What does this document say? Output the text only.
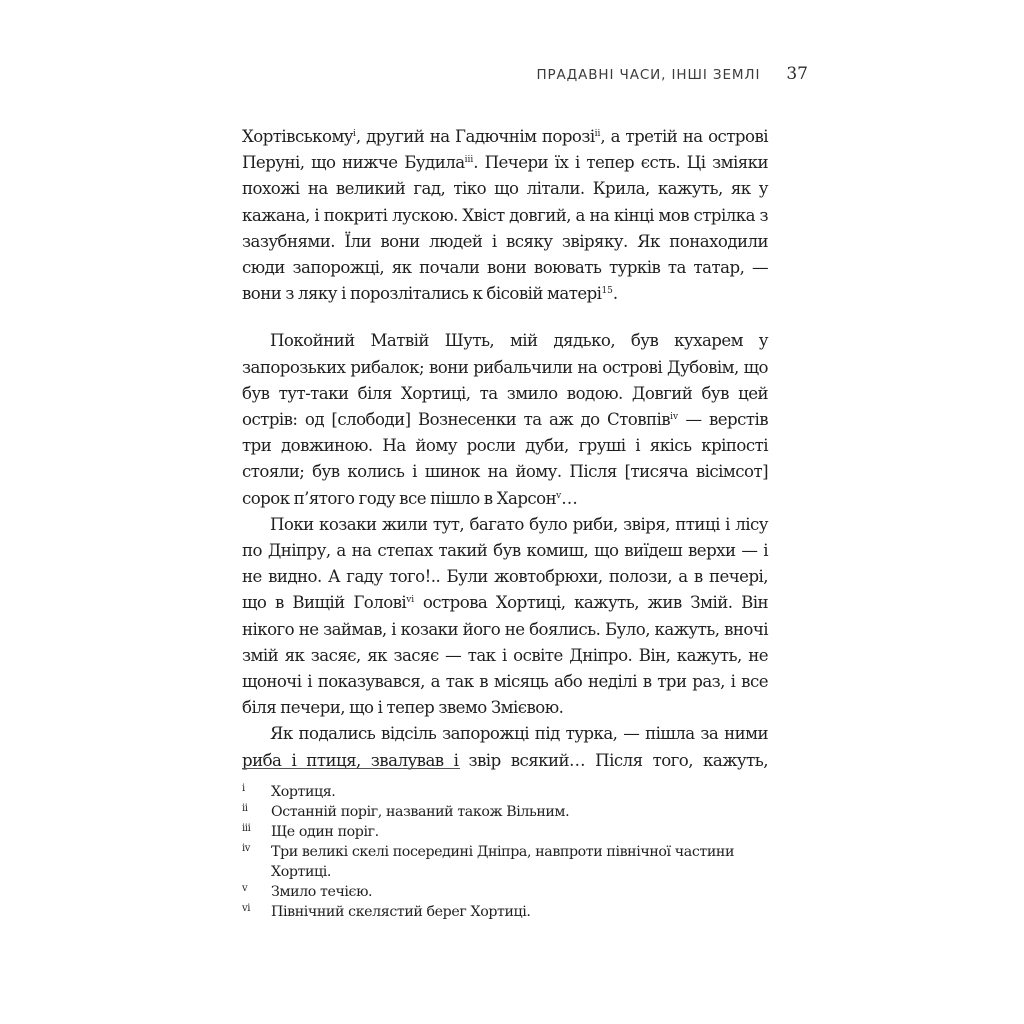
ПРАДАВНІ ЧАСИ, ІНШІ ЗЕМЛІ 37

Хортівському$^i$, другий на Гадючнім порозі$^{ii}$, а третій на острові Перуні, що нижче Будила$^{iii}$. Печери їх і тепер єсть. Ці зміяки похожі на великий гад, тіко що літали. Крила, кажуть, як у кажана, і покриті лускою. Хвіст довгий, а на кінці мов стрілка з зазубнями. Їли вони людей і всяку звіряку. Як понаходили сюди запорожці, як почали вони воювать турків та татар, — вони з ляку і порозлітались к бісовій матері$^{15}$.

Покойний Матвій Шуть, мій дядько, був кухарем у запорозьких рибалок; вони рибальчили на острові Дубовім, що був тут-таки біля Хортиці, та змило водою. Довгий був цей острів: од [слободи] Вознесенки та аж до Стовпів$^{iv}$ — верстів три довжиною. На йому росли дуби, груші і якісь кріпості стояли; був колись і шинок на йому. Після [тисяча вісімсот] сорок п’ятого году все пішло в Харсон$^v$…

Поки козаки жили тут, багато було риби, звіря, птиці і лісу по Дніпру, а на степах такий був комиш, що виїдеш верхи — і не видно. А гаду того!.. Були жовтобрюхи, полози, а в печері, що в Вищій Голові$^{vi}$ острова Хортиці, кажуть, жив Змій. Він нікого не займав, і козаки його не боялись. Було, кажуть, вночі змій як засяє, як засяє — так і освіте Дніпро. Він, кажуть, не щоночі і показувався, а так в місяць або неділі в три раз, і все біля печери, що і тепер звемо Змієвою.

Як подались відсіль запорожці під турка, — пішла за ними риба і птиця, звалував і звір всякий… Після того, кажуть,

i	Хортиця.
ii	Останній поріг, названий також Вільним.
iii	Ще один поріг.
iv	Три великі скелі посередині Дніпра, навпроти північної частини Хортиці.
v	Змило течією.
vi	Північний скелястий берег Хортиці.
